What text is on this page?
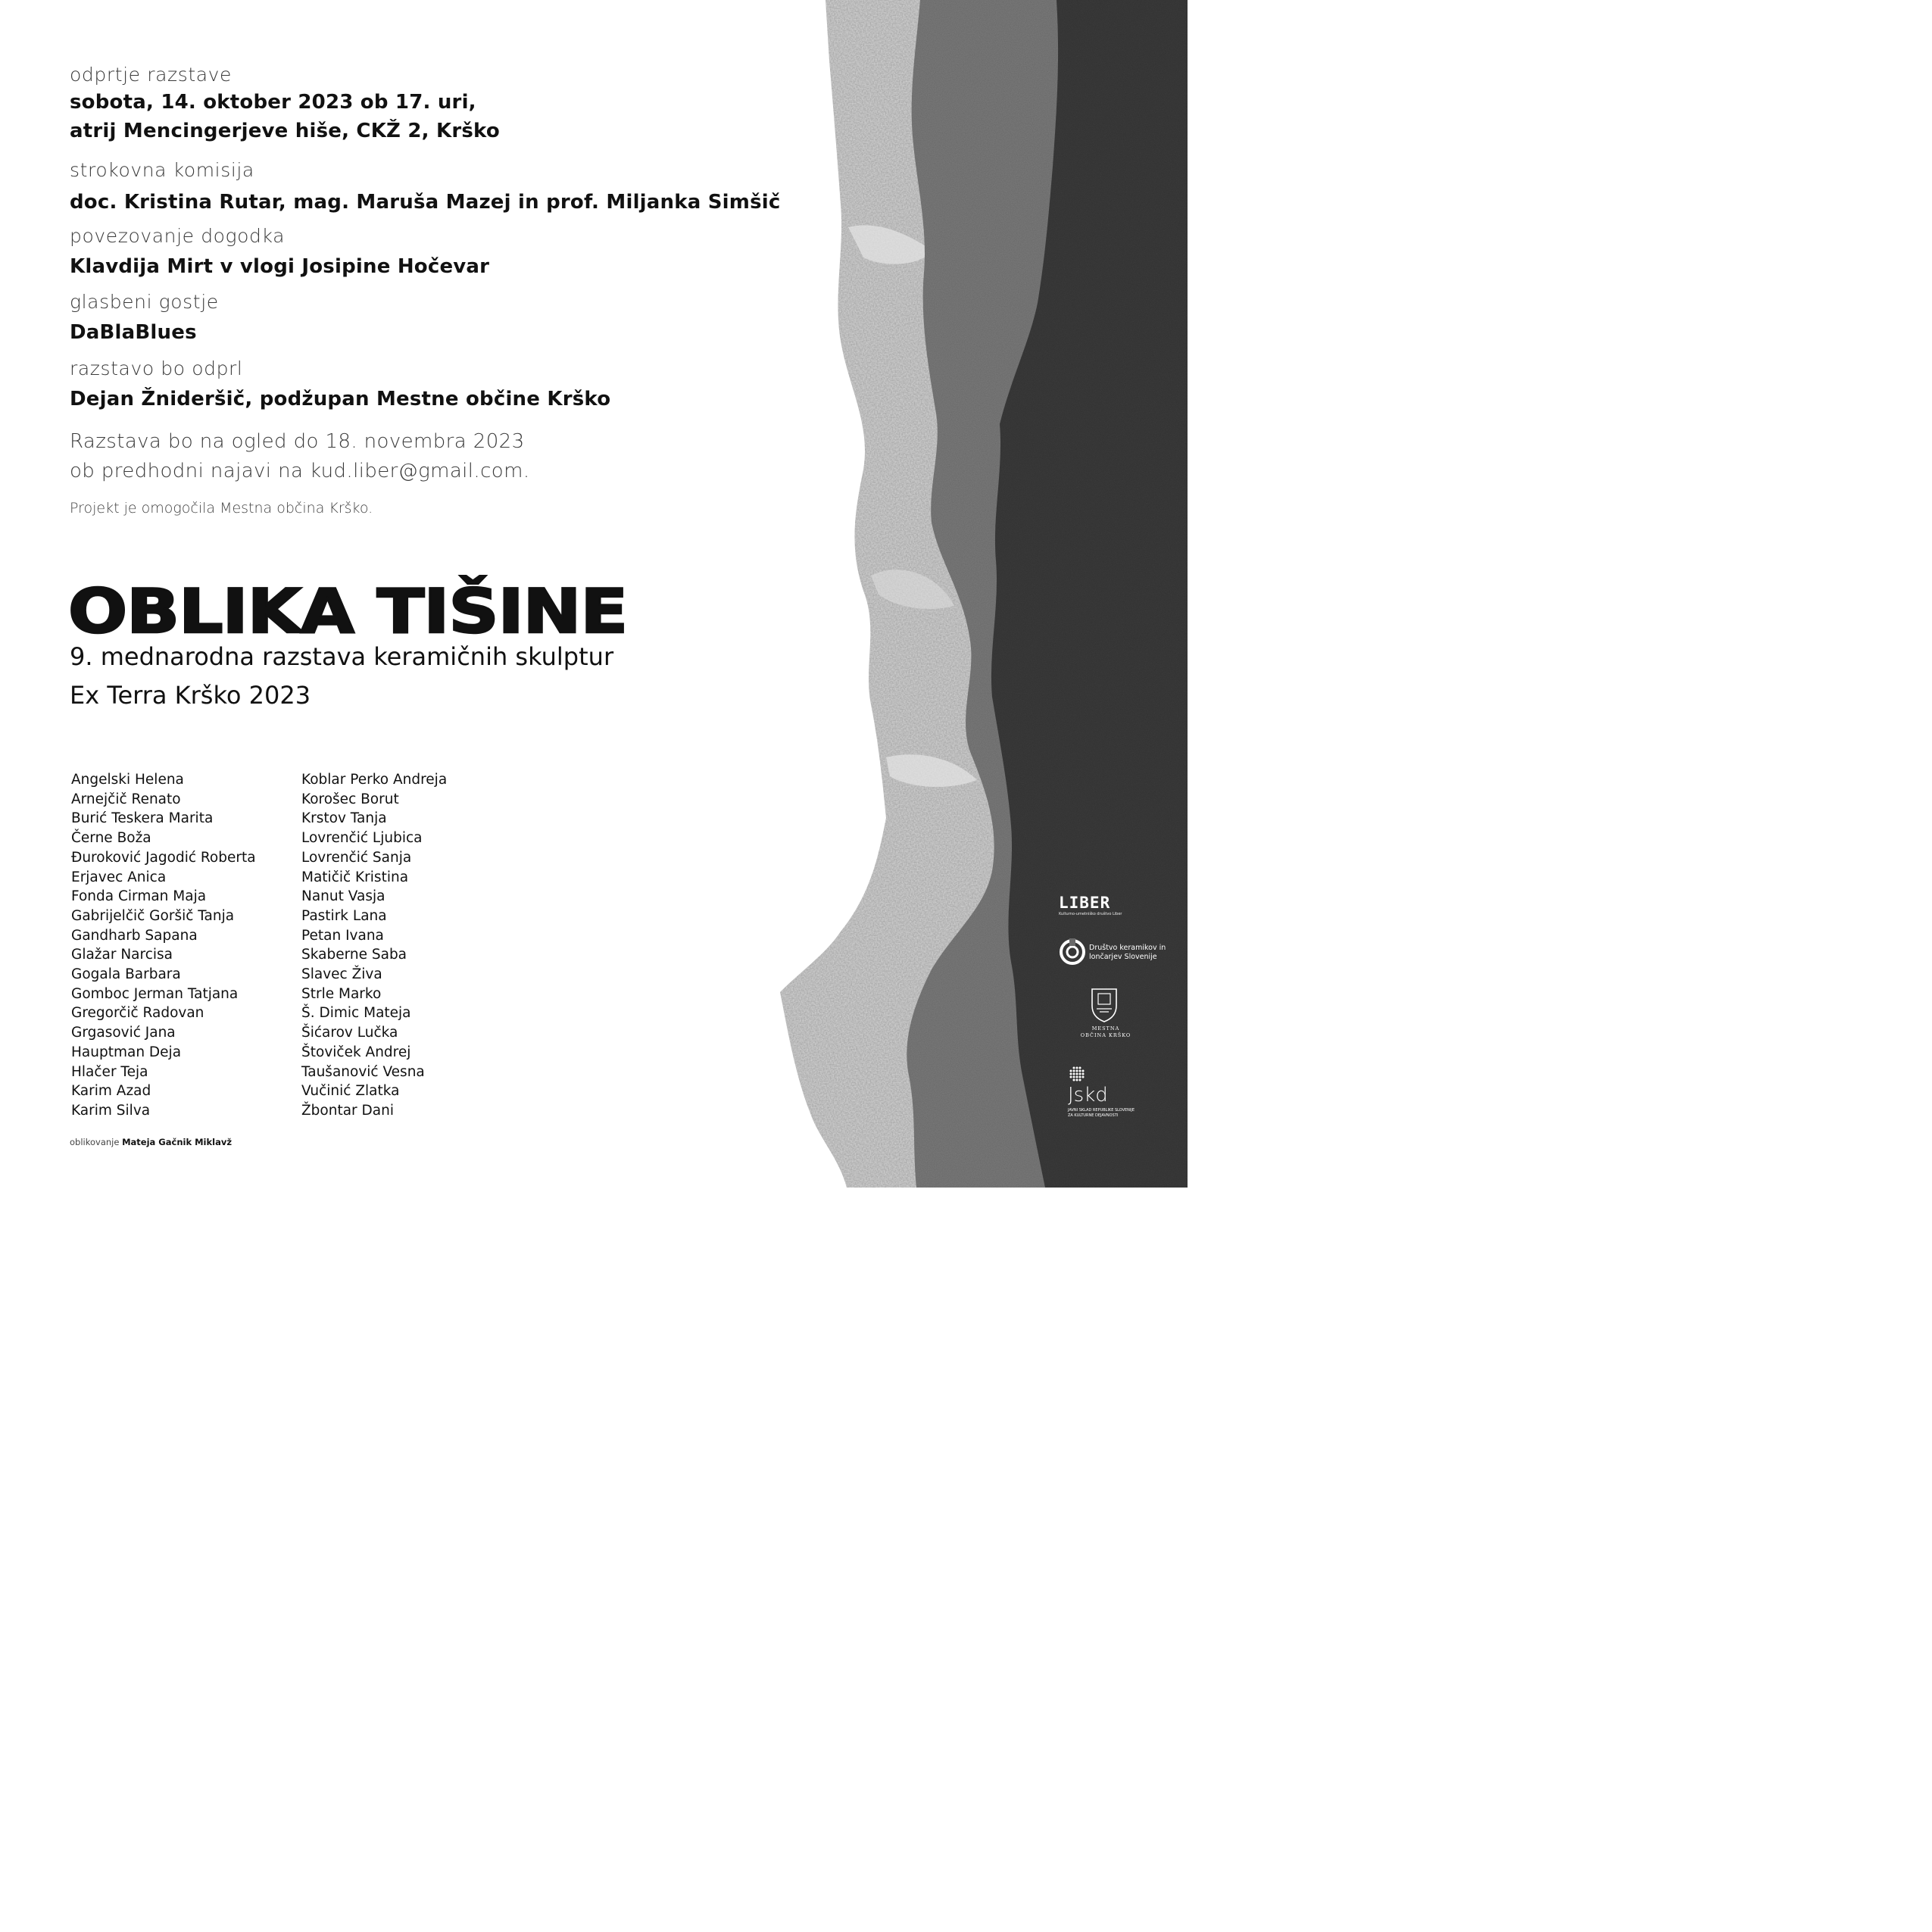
odprtje razstave
sobota, 14. oktober 2023 ob 17. uri,
atrij Mencingerjeve hiše, CKŽ 2, Krško
strokovna komisija
doc. Kristina Rutar, mag. Maruša Mazej in prof. Miljanka Simšič
povezovanje dogodka
Klavdija Mirt v vlogi Josipine Hočevar
glasbeni gostje
DaBlaBlues
razstavo bo odprl
Dejan Žnideršič, podžupan Mestne občine Krško
Razstava bo na ogled do 18. novembra 2023
ob predhodni najavi na kud.liber@gmail.com.
Projekt je omogočila Mestna občina Krško.
OBLIKA TIŠINE
9. mednarodna razstava keramičnih skulptur
Ex Terra Krško 2023
Angelski Helena
Arnejčič Renato
Burić Teskera Marita
Černe Boža
Đuroković Jagodić Roberta
Erjavec Anica
Fonda Cirman Maja
Gabrijelčič Goršič Tanja
Gandharb Sapana
Glažar Narcisa
Gogala Barbara
Gomboc Jerman Tatjana
Gregorčič Radovan
Grgasović Jana
Hauptman Deja
Hlačer Teja
Karim Azad
Karim Silva
Koblar Perko Andreja
Korošec Borut
Krstov Tanja
Lovrenčić Ljubica
Lovrenčić Sanja
Matičič Kristina
Nanut Vasja
Pastirk Lana
Petan Ivana
Skaberne Saba
Slavec Živa
Strle Marko
Š. Dimic Mateja
Šićarov Lučka
Štoviček Andrej
Taušanović Vesna
Vučinić Zlatka
Žbontar Dani
oblikovanje Mateja Gačnik Miklavž
LIBER
Kulturno-umetniško društvo Liber
Društvo keramikov in
lončarjev Slovenije
MESTNA
OBČINA KRŠKO
Jskd
JAVNI SKLAD REPUBLIKE SLOVENIJE
ZA KULTURNE DEJAVNOSTI
